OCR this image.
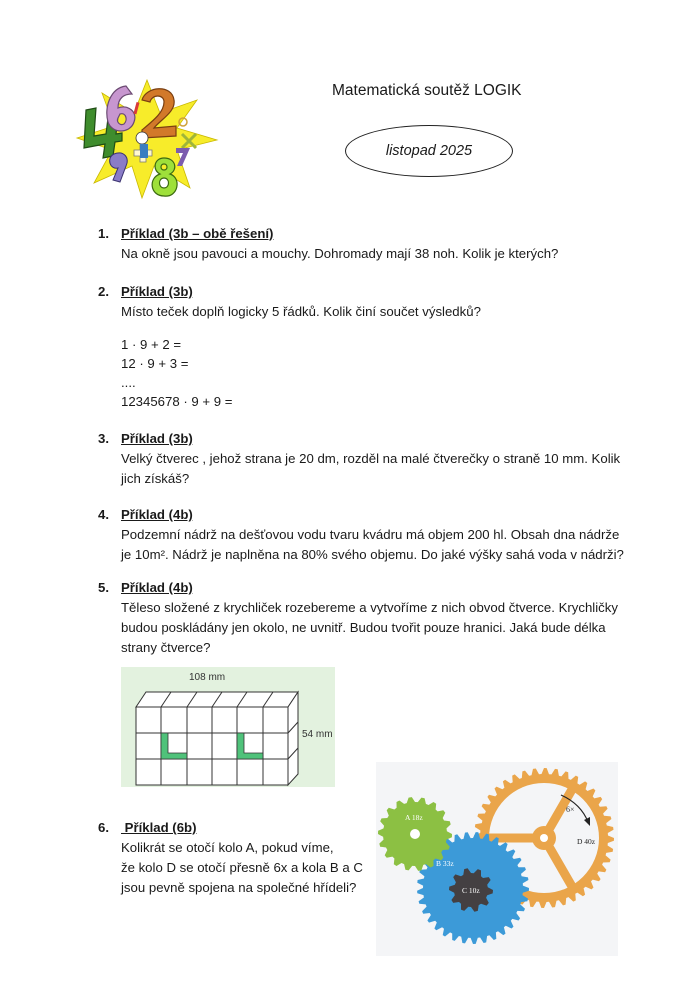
Matematická soutěž LOGIK
listopad 2025
1. Příklad (3b – obě řešení)
Na okně jsou pavouci a mouchy. Dohromady mají 38 noh. Kolik je kterých?
2. Příklad (3b)
Místo teček doplň logicky 5 řádků. Kolik činí součet výsledků?
1 · 9 + 2 =
12 · 9 + 3 =
....
12345678 · 9 + 9 =
3. Příklad (3b)
Velký čtverec , jehož strana je 20 dm, rozděl na malé čtverečky o straně 10 mm. Kolik
jich získáš?
4. Příklad (4b)
Podzemní nádrž na dešťovou vodu tvaru kvádru má objem 200 hl. Obsah dna nádrže
je 10m². Nádrž je naplněna na 80% svého objemu. Do jaké výšky sahá voda v nádrži?
5. Příklad (4b)
Těleso složené z krychliček rozebereme a vytvoříme z nich obvod čtverce. Krychličky
budou poskládány jen okolo, ne uvnitř. Budou tvořit pouze hranici. Jaká bude délka
strany čtverce?
108 mm
54 mm
6. Příklad (6b)
Kolikrát se otočí kolo A, pokud víme,
že kolo D se otočí přesně 6x a kola B a C
jsou pevně spojena na společné hřídeli?
6×
A 18z
B 33z
C 10z
D 40z
